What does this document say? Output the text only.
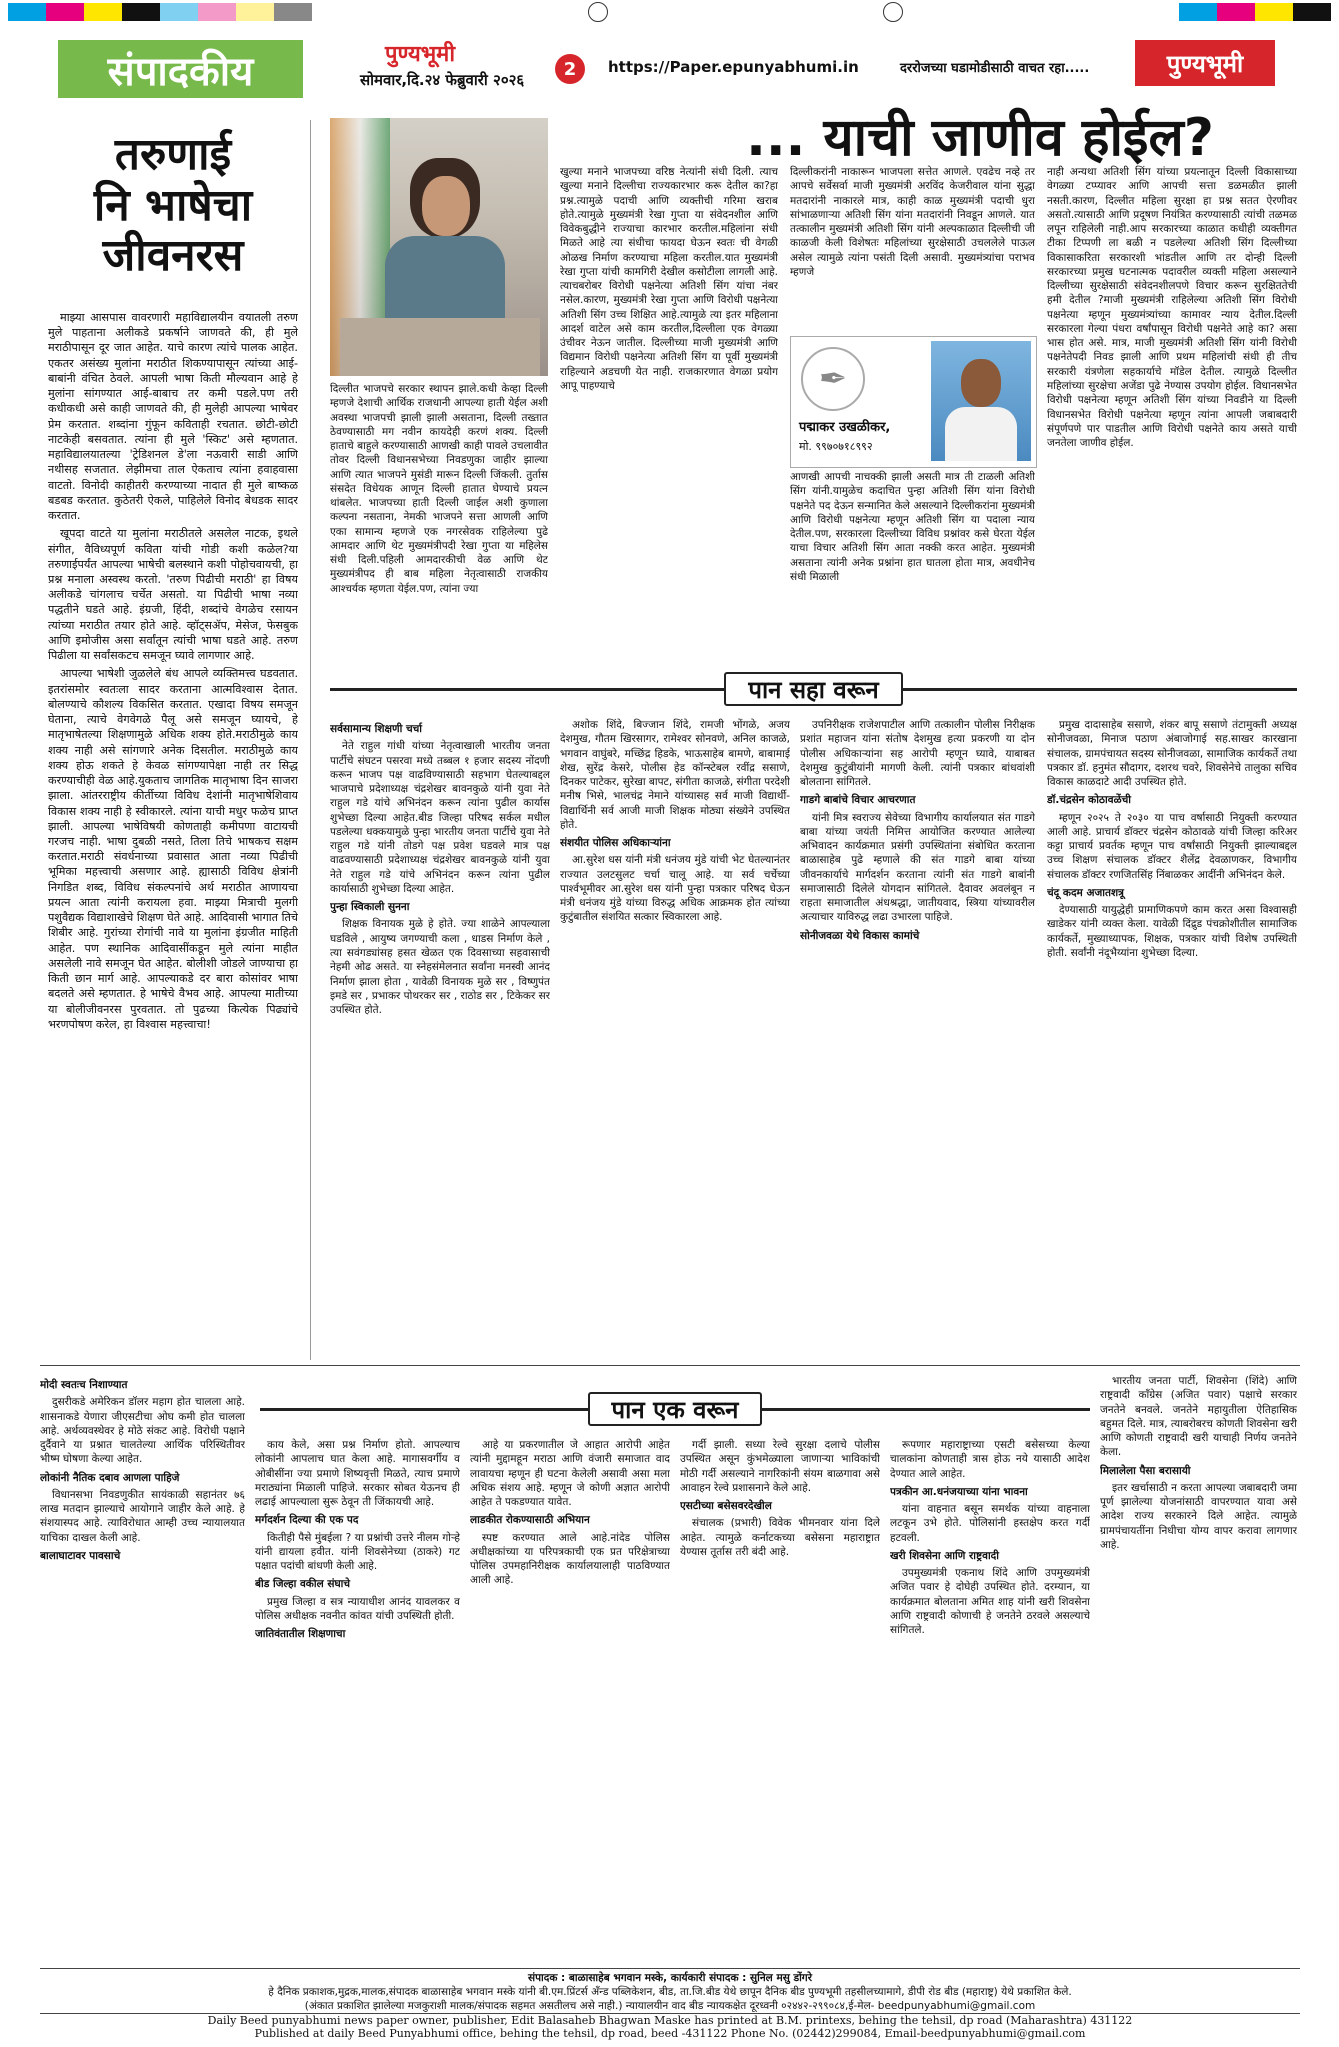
संपादकीय	पुण्यभूमी
सोमवार,दि.२४ फेब्रुवारी २०२६
2	https://Paper.epunyabhumi.in	दररोजच्या घडामोडीसाठी वाचत रहा.....	पुण्यभूमी
तरुणाई
नि भाषेचा
जीवनरस

माझ्या आसपास वावरणारी महाविद्यालयीन वयातली तरुण मुले पाहताना अलीकडे प्रकर्षाने जाणवते की, ही मुले मराठीपासून दूर जात आहेत. याचे कारण त्यांचे पालक आहेत. एकतर असंख्य मुलांना मराठीत शिकण्यापासून त्यांच्या आई-बाबांनी वंचित ठेवले. आपली भाषा किती मौल्यवान आहे हे मुलांना सांगण्यात आई-बाबाच तर कमी पडले.पण तरी कधीकधी असे काही जाणवते की, ही मुलेही आपल्या भाषेवर प्रेम करतात. शब्दांना गुंफून कविताही रचतात. छोटी-छोटी नाटकेही बसवतात. त्यांना ही मुले 'स्किट' असे म्हणतात. महाविद्यालयातल्या 'ट्रेडिशनल डे'ला नऊवारी साडी आणि नथीसह सजतात. लेझीमचा ताल ऐकताच त्यांना हवाहवासा वाटतो. विनोदी काहीतरी करण्याच्या नादात ही मुले बाष्कळ बडबड करतात. कुठेतरी ऐकले, पाहिलेले विनोद बेधडक सादर करतात.

खूपदा वाटते या मुलांना मराठीतले असलेल नाटक, इथले संगीत, वैविध्यपूर्ण कविता यांची गोडी कशी कळेल?या तरुणाईपर्यंत आपल्या भाषेची बलस्थाने कशी पोहोचवायची, हा प्रश्न मनाला अस्वस्थ करतो. 'तरुण पिढीची मराठी' हा विषय अलीकडे चांगलाच चर्चेत असतो. या पिढीची भाषा नव्या पद्धतीने घडते आहे. इंग्रजी, हिंदी, शब्दांचे वेगळेच रसायन त्यांच्या मराठीत तयार होते आहे. व्हॉट्सॲप, मेसेज, फेसबुक आणि इमोजीस असा सर्वांतून त्यांची भाषा घडते आहे. तरुण पिढीला या सर्वांसकटच समजून घ्यावे लागणार आहे.

आपल्या भाषेशी जुळलेले बंध आपले व्यक्तिमत्त्व घडवतात. इतरांसमोर स्वतःला सादर करताना आत्मविश्वास देतात. बोलण्याचे कौशल्य विकसित करतात. एखादा विषय समजून घेताना, त्याचे वेगवेगळे पैलू असे समजून घ्यायचे, हे मातृभाषेतल्या शिक्षणामुळे अधिक शक्य होते.मराठीमुळे काय शक्य नाही असे सांगणारे अनेक दिसतील. मराठीमुळे काय शक्य होऊ शकते हे केवळ सांगण्यापेक्षा नाही तर सिद्ध करण्याचीही वेळ आहे.युकताच जागतिक मातृभाषा दिन साजरा झाला. आंतरराष्ट्रीय कीर्तीच्या विविध देशांनी मातृभाषेशिवाय विकास शक्य नाही हे स्वीकारले. त्यांना याची मधुर फळेच प्राप्त झाली. आपल्या भाषेविषयी कोणताही कमीपणा वाटायची गरजच नाही. भाषा दुबळी नसते, तिला तिचे भाषकच सक्षम करतात.मराठी संवर्धनाच्या प्रवासात आता नव्या पिढीची भूमिका महत्त्वाची असणार आहे. ह्यासाठी विविध क्षेत्रांनी निगडित शब्द, विविध संकल्पनांचे अर्थ मराठीत आणायचा प्रयत्न आता त्यांनी करायला हवा. माझ्या मित्राची मुलगी पशुवैद्यक विद्याशाखेचे शिक्षण घेते आहे. आदिवासी भागात तिचे शिबीर आहे. गुरांच्या रोगांची नावे या मुलांना इंग्रजीत माहिती आहेत. पण स्थानिक आदिवासींकडून मुले त्यांना माहीत असलेली नावे समजून घेत आहेत. बोलीशी जोडले जाण्याचा हा किती छान मार्ग आहे. आपल्याकडे दर बारा कोसांवर भाषा बदलते असे म्हणतात. हे भाषेचे वैभव आहे. आपल्या मातीच्या या बोलीजीवनरस पुरवतात. तो पुढच्या कित्येक पिढ्यांचे भरणपोषण करेल, हा विश्वास महत्त्वाचा!

... याची जाणीव होईल?
दिल्लीत भाजपचे सरकार स्थापन झाले.कधी केव्हा दिल्ली म्हणजे देशाची आर्थिक राजधानी आपल्या हाती येईल अशी अवस्था भाजपची झाली झाली असताना, दिल्ली तख्तात ठेवण्यासाठी मग नवीन कायदेही करणं शक्य. दिल्ली हाताचे बाहुले करण्यासाठी आणखी काही पावले उचलावीत तोवर दिल्ली विधानसभेच्या निवडणुका जाहीर झाल्या आणि त्यात भाजपने मुसंडी मारून दिल्ली जिंकली. तुर्तास संसदेत विधेयक आणून दिल्ली हातात घेण्याचे प्रयत्न थांबलेत. भाजपच्या हाती दिल्ली जाईल अशी कुणाला कल्पना नसताना, नेमकी भाजपने सत्ता आणली आणि एका सामान्य म्हणजे एक नगरसेवक राहिलेल्या पुढे आमदार आणि थेट मुख्यमंत्रीपदी रेखा गुप्ता या महिलेस संधी दिली.पहिली आमदारकीची वेळ आणि थेट मुख्यमंत्रीपद ही बाब महिला नेतृत्वासाठी राजकीय आश्चर्यक म्हणता येईल.पण, त्यांना ज्या
खुल्या मनाने भाजपच्या वरिष्ठ नेत्यांनी संधी दिली. त्याच खुल्या मनाने दिल्लीचा राज्यकारभार करू देतील का?हा प्रश्न.त्यामुळे पदाची आणि व्यक्तीची गरिमा खराब होते.त्यामुळे मुख्यमंत्री रेखा गुप्ता या संवेदनशील आणि विवेकबुद्धीने राज्याचा कारभार करतील.महिलांना संधी मिळते आहे त्या संधीचा फायदा घेऊन स्वतः ची वेगळी ओळख निर्माण करण्याचा महिला करतील.यात मुख्यमंत्री रेखा गुप्ता यांची कामगिरी देखील कसोटीला लागली आहे. त्याचबरोबर विरोधी पक्षनेत्या अतिशी सिंग यांचा नंबर नसेल.कारण, मुख्यमंत्री रेखा गुप्ता आणि विरोधी पक्षनेत्या अतिशी सिंग उच्च शिक्षित आहे.त्यामुळे त्या इतर महिलाना आदर्श वाटेल असे काम करतील,दिल्लीला एक वेगळ्या उंचीवर नेऊन जातील. दिल्लीच्या माजी मुख्यमंत्री आणि विद्यमान विरोधी पक्षनेत्या अतिशी सिंग या पूर्वी मुख्यमंत्री राहिल्याने अडचणी येत नाही. राजकारणात वेगळा प्रयोग आपू पाहण्याचे
दिल्लीकरांनी नाकारून भाजपला सत्तेत आणले. एवढेच नव्हे तर आपचे सर्वेसर्वा माजी मुख्यमंत्री अरविंद केजरीवाल यांना सुद्धा मतदारांनी नाकारले मात्र, काही काळ मुख्यमंत्री पदाची धुरा सांभाळणाऱ्या अतिशी सिंग यांना मतदारांनी निवडून आणले. यात तत्कालीन मुख्यमंत्री अतिशी सिंग यांनी अल्पकाळात दिल्लीची जी काळजी केली विशेषतः महिलांच्या सुरक्षेसाठी उचललेले पाऊल असेल त्यामुळे त्यांना पसंती दिली असावी. मुख्यमंत्र्यांचा पराभव म्हणजे
✒
पद्माकर उखळीकर,
मो. ९९७०७१८९९२
आणखी आपची नाचक्की झाली असती मात्र ती टाळली अतिशी सिंग यांनी.यामुळेच कदाचित पुन्हा अतिशी सिंग यांना विरोधी पक्षनेते पद देऊन सन्मानित केले असल्याने दिल्लीकरांना मुख्यमंत्री आणि विरोधी पक्षनेत्या म्हणून अतिशी सिंग या पदाला न्याय देतील.पण, सरकारला दिल्लीच्या विविध प्रश्नांवर कसे घेरता येईल याचा विचार अतिशी सिंग आता नक्की करत आहेत. मुख्यमंत्री असताना त्यांनी अनेक प्रश्नांना हात घातला होता मात्र, अवधीनेच संधी मिळाली
नाही अन्यथा अतिशी सिंग यांच्या प्रयत्नातून दिल्ली विकासाच्या वेगळ्या टप्प्यावर आणि आपची सत्ता डळमळीत झाली नसती.कारण, दिल्लीत महिला सुरक्षा हा प्रश्न सतत ऐरणीवर असतो.त्यासाठी आणि प्रदूषण नियंत्रित करण्यासाठी त्यांची तळमळ लपून राहिलेली नाही.आप सरकारच्या काळात कधीही व्यक्तीगत टीका टिप्पणी ला बळी न पडलेल्या अतिशी सिंग दिल्लीच्या विकासाकरिता सरकारशी भांडतील आणि तर दोन्ही दिल्ली सरकारच्या प्रमुख घटनात्मक पदावरील व्यक्ती महिला असल्याने दिल्लीच्या सुरक्षेसाठी संवेदनशीलपणे विचार करून सुरक्षिततेची हमी देतील ?माजी मुख्यमंत्री राहिलेल्या अतिशी सिंग विरोधी पक्षनेत्या म्हणून मुख्यमंत्र्यांच्या कामावर न्याय देतील.दिल्ली सरकारला गेल्या पंधरा वर्षांपासून विरोधी पक्षनेते आहे का? असा भास होत असे. मात्र, माजी मुख्यमंत्री अतिशी सिंग यांनी विरोधी पक्षनेतेपदी निवड झाली आणि प्रथम महिलांची संधी ही तीच सरकारी यंत्रणेला सहकार्याचे मॉडेल देतील. त्यामुळे दिल्लीत महिलांच्या सुरक्षेचा अजेंडा पुढे नेण्यास उपयोग होईल. विधानसभेत विरोधी पक्षनेत्या म्हणून अतिशी सिंग यांच्या निवडीने या दिल्ली विधानसभेत विरोधी पक्षनेत्या म्हणून त्यांना आपली जबाबदारी संपूर्णपणे पार पाडतील आणि विरोधी पक्षनेते काय असते याची जनतेला जाणीव होईल.
पान सहा वरून

सर्वसामान्य शिक्षणी चर्चा

नेते राहुल गांधी यांच्या नेतृत्वाखाली भारतीय जनता पार्टीचे संघटन पसरवा मध्ये तब्बल १ हजार सदस्य नोंदणी करून भाजप पक्ष वाढविण्यासाठी सहभाग घेतल्याबद्दल भाजपाचे प्रदेशाध्यक्ष चंद्रशेखर बावनकुळे यांनी युवा नेते राहुल गडे यांचे अभिनंदन करून त्यांना पुढील कार्यास शुभेच्छा दिल्या आहेत.बीड जिल्हा परिषद सर्कल मधील पडलेल्या धक्कयामुळे पुन्हा भारतीय जनता पार्टीचे युवा नेते राहुल गडे यांनी तोडगे पक्ष प्रवेश घडवले मात्र पक्ष वाढवण्यासाठी प्रदेशाध्यक्ष चंद्रशेखर बावनकुळे यांनी युवा नेते राहुल गडे यांचे अभिनंदन करून त्यांना पुढील कार्यासाठी शुभेच्छा दिल्या आहेत.

पुन्हा स्विकाली सुनना

शिक्षक विनायक मुळे हे होते. ज्या शाळेने आपल्याला घडविले , आयुष्य जगण्याची कला , धाडस निर्माण केले , त्या सवंगड्यांसह हसत खेळत एक दिवसाच्या सहवासाची नेहमी ओढ असते. या स्नेहसंमेलनात सर्वांना मनस्वी आनंद निर्माण झाला होता , यावेळी विनायक मुळे सर , विष्णुपंत इमडे सर , प्रभाकर पोथरकर सर , राठोड सर , टिकेकर सर उपस्थित होते.

अशोक शिंदे, बिज्जान शिंदे, रामजी भोंगळे, अजय देशमुख, गौतम खिरसागर, रामेश्वर सोनवणे, अनिल काजळे, भगवान वाघुंबरे, मच्छिंद्र हिडके, भाऊसाहेब बामणे, बाबामाई शेख, सुरेंद्र केसरे, पोलीस हेड कॉन्स्टेबल रवींद्र ससाणे, दिनकर पाटेकर, सुरेखा बापट, संगीता काजळे, संगीता परदेशी मनीष भिसे, भालचंद्र नेमाने यांच्यासह सर्व माजी विद्यार्थी-विद्यार्थिनी सर्व आजी माजी शिक्षक मोठ्या संख्येने उपस्थित होते.

संशयीत पोलिस अधिकाऱ्यांना

आ.सुरेश धस यांनी मंत्री धनंजय मुंडे यांची भेट घेतल्यानंतर राज्यात उलटसुलट चर्चा चालू आहे. या सर्व चर्चेच्या पार्श्वभूमीवर आ.सुरेश धस यांनी पुन्हा पत्रकार परिषद घेऊन मंत्री धनंजय मुंडे यांच्या विरुद्ध अधिक आक्रमक होत त्यांच्या कुटुंबातील संशयित सत्कार स्विकारला आहे.

उपनिरीक्षक राजेशपाटील आणि तत्कालीन पोलीस निरीक्षक प्रशांत महाजन यांना संतोष देशमुख हत्या प्रकरणी या दोन पोलीस अधिकाऱ्यांना सह आरोपी म्हणून घ्यावे, याबाबत देशमुख कुटुंबीयांनी मागणी केली. त्यांनी पत्रकार बांधवांशी बोलताना सांगितले.

गाडगे बाबांचे विचार आचरणात

यांनी मित्र स्वराज्य सेवेच्या विभागीय कार्यालयात संत गाडगे बाबा यांच्या जयंती निमित्त आयोजित करण्यात आलेल्या अभिवादन कार्यक्रमात प्रसंगी उपस्थितांना संबोधित करताना बाळासाहेब पुढे म्हणाले की संत गाडगे बाबा यांच्या जीवनकार्याचे मार्गदर्शन करताना त्यांनी संत गाडगे बाबांनी समाजासाठी दिलेले योगदान सांगितले. दैवावर अवलंबून न राहता समाजातील अंधश्रद्धा, जातीयवाद, स्त्रिया यांच्यावरील अत्याचार याविरुद्ध लढा उभारला पाहिजे.

सोनीजवळा येथे विकास कामांचे

प्रमुख दादासाहेब ससाणे, शंकर बापू ससाणे तंटामुक्ती अध्यक्ष सोनीजवळा, मिनाज पठाण अंबाजोगाई सह.साखर कारखाना संचालक, ग्रामपंचायत सदस्य सोनीजवळा, सामाजिक कार्यकर्ते तथा पत्रकार डॉ. हनुमंत सौदागर, दशरथ चवरे, शिवसेनेचे तालुका सचिव विकास काळदाटे आदी उपस्थित होते.

डॉ.चंद्रसेन कोठावळेंची

म्हणून २०२५ ते २०३० या पाच वर्षासाठी नियुक्ती करण्यात आली आहे. प्राचार्य डॉक्टर चंद्रसेन कोठावळे यांची जिल्हा करिअर कट्टा प्राचार्य प्रवर्तक म्हणून पाच वर्षांसाठी नियुक्ती झाल्याबद्दल उच्च शिक्षण संचालक डॉक्टर शैलेंद्र देवळाणकर, विभागीय संचालक डॉक्टर रणजितसिंह निंबाळकर आदींनी अभिनंदन केले.

चंदू कदम अजातशत्रू

देण्यासाठी यायुद्धेही प्रामाणिकपणे काम करत असा विश्वासही खाडेकर यांनी व्यक्त केला. यावेळी दिंद्रुड पंचक्रोशीतील सामाजिक कार्यकर्ते, मुख्याध्यापक, शिक्षक, पत्रकार यांची विशेष उपस्थिती होती. सर्वांनी नंदूभैय्यांना शुभेच्छा दिल्या.

मोदी स्वतःच निशाण्यात

दुसरीकडे अमेरिकन डॉलर महाग होत चालला आहे. शासनाकडे येणारा जीएसटीचा ओघ कमी होत चालला आहे. अर्थव्यवस्थेवर हे मोठे संकट आहे. विरोधी पक्षाने दुर्दैवाने या प्रश्नात चालतेल्या आर्थिक परिस्थितीवर भीष्म घोषणा केल्या आहेत.

लोकांनी नैतिक दबाव आणला पाहिजे

विधानसभा निवडणुकीत सायंकाळी सहानंतर ७६ लाख मतदान झाल्याचे आयोगाने जाहीर केले आहे. हे संशयास्पद आहे. त्याविरोधात आम्ही उच्च न्यायालयात याचिका दाखल केली आहे.

बालाघाटावर पावसाचे

पान एक वरून

काय केले, असा प्रश्न निर्माण होतो. आपल्याच लोकांनी आपलाच घात केला आहे. मागासवर्गीय व ओबीसींना ज्या प्रमाणे शिष्यवृत्ती मिळते, त्याच प्रमाणे मराठ्यांना मिळाली पाहिजे. सरकार सोबत येऊनच ही लढाई आपल्याला सुरू ठेवून ती जिंकायची आहे.

मर्गदर्शन दिल्या की एक पद

कितीही पैसे मुंबईला ? या प्रश्नांची उत्तरे नीलम गोऱ्हे यांनी द्यायला हवीत. यांनी शिवसेनेच्या (ठाकरे) गट पक्षात पदांची बांधणी केली आहे.

बीड जिल्हा वकील संघाचे

प्रमुख जिल्हा व सत्र न्यायाधीश आनंद यावलकर व पोलिस अधीक्षक नवनीत कांवत यांची उपस्थिती होती.

जातिवंतातील शिक्षणाचा

आहे या प्रकरणातील जे आहात आरोपी आहेत त्यांनी मुद्दामहून मराठा आणि वंजारी समाजात वाद लावायचा म्हणून ही घटना केलेली असावी असा मला अधिक संशय आहे. म्हणून जे कोणी अज्ञात आरोपी आहेत ते पकडण्यात यावेत.

लाडकीत रोकण्यासाठी अभियान

स्पष्ट करण्यात आले आहे.नांदेड पोलिस अधीक्षकांच्या या परिपत्रकाची एक प्रत परिक्षेत्राच्या पोलिस उपमहानिरीक्षक कार्यालयालाही पाठविण्यात आली आहे.

गर्दी झाली. सध्या रेल्वे सुरक्षा दलाचे पोलीस उपस्थित असून कुंभमेळ्याला जाणाऱ्या भाविकांची मोठी गर्दी असल्याने नागरिकांनी संयम बाळगावा असे आवाहन रेल्वे प्रशासनाने केले आहे.

एसटीच्या बसेसवरदेखील

संचालक (प्रभारी) विवेक भीमनवार यांना दिले आहेत. त्यामुळे कर्नाटकच्या बसेसना महाराष्ट्रात येण्यास तूर्तास तरी बंदी आहे.

रूपणार महाराष्ट्राच्या एसटी बसेसच्या केल्या चालकांना कोणताही त्रास होऊ नये यासाठी आदेश देण्यात आले आहेत.

पत्रकीन आ.धनंजयाच्या यांना भावना

यांना वाहनात बसून समर्थक यांच्या वाहनाला लटकून उभे होते. पोलिसांनी हस्तक्षेप करत गर्दी हटवली.

खरी शिवसेना आणि राष्ट्रवादी

उपमुख्यमंत्री एकनाथ शिंदे आणि उपमुख्यमंत्री अजित पवार हे दोघेही उपस्थित होते. दरम्यान, या कार्यक्रमात बोलताना अमित शाह यांनी खरी शिवसेना आणि राष्ट्रवादी कोणाची हे जनतेने ठरवले असल्याचे सांगितले.

भारतीय जनता पार्टी, शिवसेना (शिंदे) आणि राष्ट्रवादी काँग्रेस (अजित पवार) पक्षाचे सरकार जनतेने बनवले. जनतेने महायुतीला ऐतिहासिक बहुमत दिले. मात्र, त्याबरोबरच कोणती शिवसेना खरी आणि कोणती राष्ट्रवादी खरी याचाही निर्णय जनतेने केला.

मिलालेला पैसा बरासायी

इतर खर्चासाठी न करता आपल्या जबाबदारी जमा पूर्ण झालेल्या योजनांसाठी वापरण्यात यावा असे आदेश राज्य सरकारने दिले आहेत. त्यामुळे ग्रामपंचायतींना निधीचा योग्य वापर करावा लागणार आहे.

संपादक : बाळासाहेब भगवान मस्के, कार्यकारी संपादक : सुनिल मसु डोंगरे
हे दैनिक प्रकाशक,मुद्रक,मालक,संपादक बाळासाहेब भगवान मस्के यांनी बी.एम.प्रिंटर्स अँन्ड पब्लिकेशन, बीड, ता.जि.बीड येथे छापून दैनिक बीड पुण्यभूमी तहसीलच्यामागे, डीपी रोड बीड (महाराष्ट्र) येथे प्रकाशित केले.
(अंकात प्रकाशित झालेल्या मजकुराशी मालक/संपादक सहमत असतीलच असे नाही.) न्यायालयीन वाद बीड न्यायकक्षेत दूरध्वनी ०२४४२-२९९०८४,ई-मेल- beedpunyabhumi@gmail.com
Daily Beed punyabhumi news paper owner, publisher, Edit Balasaheb Bhagwan Maske has printed at B.M. printexs, behing the tehsil, dp road (Maharashtra) 431122
Published at daily Beed Punyabhumi office, behing the tehsil, dp road, beed -431122 Phone No. (02442)299084, Email-beedpunyabhumi@gmail.com
